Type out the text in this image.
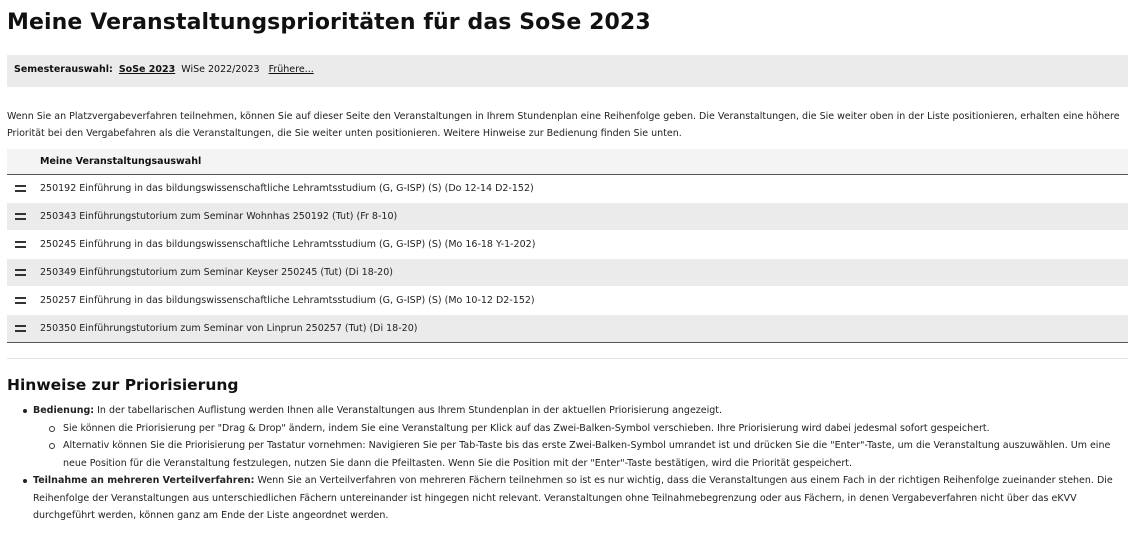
Meine Veranstaltungsprioritäten für das SoSe 2023
Semesterauswahl: SoSe 2023 WiSe 2022/2023 Frühere...

Wenn Sie an Platzvergabeverfahren teilnehmen, können Sie auf dieser Seite den Veranstaltungen in Ihrem Stundenplan eine Reihenfolge geben. Die Veranstaltungen, die Sie weiter oben in der Liste positionieren, erhalten eine höhere Priorität bei den Vergabefahren als die Veranstaltungen, die Sie weiter unten positionieren. Weitere Hinweise zur Bedienung finden Sie unten.

Meine Veranstaltungsauswahl
250192 Einführung in das bildungswissenschaftliche Lehramtsstudium (G, G-ISP) (S) (Do 12-14 D2-152)
250343 Einführungstutorium zum Seminar Wohnhas 250192 (Tut) (Fr 8-10)
250245 Einführung in das bildungswissenschaftliche Lehramtsstudium (G, G-ISP) (S) (Mo 16-18 Y-1-202)
250349 Einführungstutorium zum Seminar Keyser 250245 (Tut) (Di 18-20)
250257 Einführung in das bildungswissenschaftliche Lehramtsstudium (G, G-ISP) (S) (Mo 10-12 D2-152)
250350 Einführungstutorium zum Seminar von Linprun 250257 (Tut) (Di 18-20)
Hinweise zur Priorisierung
Bedienung: In der tabellarischen Auflistung werden Ihnen alle Veranstaltungen aus Ihrem Stundenplan in der aktuellen Priorisierung angezeigt.
Sie können die Priorisierung per "Drag & Drop" ändern, indem Sie eine Veranstaltung per Klick auf das Zwei-Balken-Symbol verschieben. Ihre Priorisierung wird dabei jedesmal sofort gespeichert.
Alternativ können Sie die Priorisierung per Tastatur vornehmen: Navigieren Sie per Tab-Taste bis das erste Zwei-Balken-Symbol umrandet ist und drücken Sie die "Enter"-Taste, um die Veranstaltung auszuwählen. Um eine neue Position für die Veranstaltung festzulegen, nutzen Sie dann die Pfeiltasten. Wenn Sie die Position mit der "Enter"-Taste bestätigen, wird die Priorität gespeichert.
Teilnahme an mehreren Verteilverfahren: Wenn Sie an Verteilverfahren von mehreren Fächern teilnehmen so ist es nur wichtig, dass die Veranstaltungen aus einem Fach in der richtigen Reihenfolge zueinander stehen. Die Reihenfolge der Veranstaltungen aus unterschiedlichen Fächern untereinander ist hingegen nicht relevant. Veranstaltungen ohne Teilnahmebegrenzung oder aus Fächern, in denen Vergabeverfahren nicht über das eKVV durchgeführt werden, können ganz am Ende der Liste angeordnet werden.
